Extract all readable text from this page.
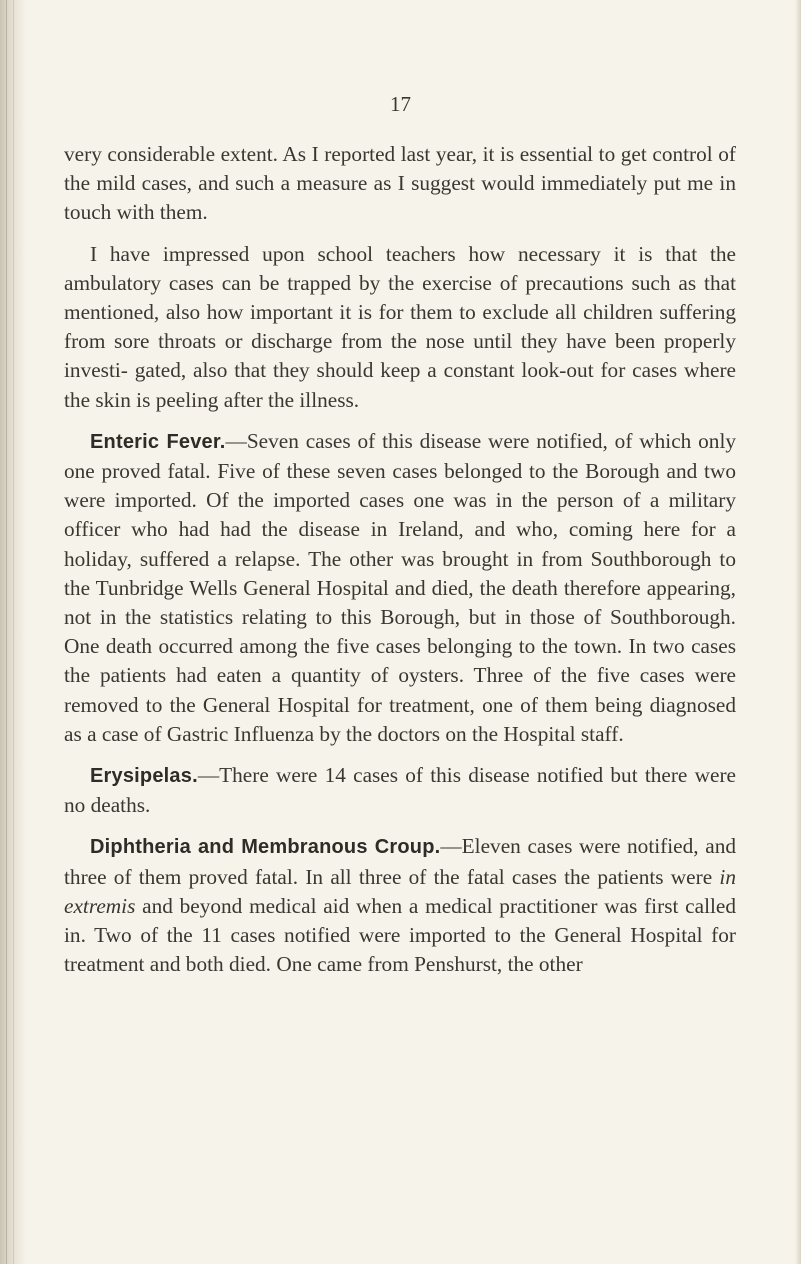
17

very considerable extent. As I reported last year, it is essential to get control of the mild cases, and such a measure as I suggest would immediately put me in touch with them.

I have impressed upon school teachers how necessary it is that the ambulatory cases can be trapped by the exercise of precautions such as that mentioned, also how important it is for them to exclude all children suffering from sore throats or discharge from the nose until they have been properly investi- gated, also that they should keep a constant look-out for cases where the skin is peeling after the illness.

Enteric Fever.—Seven cases of this disease were notified, of which only one proved fatal. Five of these seven cases belonged to the Borough and two were imported. Of the imported cases one was in the person of a military officer who had had the disease in Ireland, and who, coming here for a holiday, suffered a relapse. The other was brought in from Southborough to the Tunbridge Wells General Hospital and died, the death therefore appearing, not in the statistics relating to this Borough, but in those of Southborough. One death occurred among the five cases belonging to the town. In two cases the patients had eaten a quantity of oysters. Three of the five cases were removed to the General Hospital for treatment, one of them being diagnosed as a case of Gastric Influenza by the doctors on the Hospital staff.

Erysipelas.—There were 14 cases of this disease notified but there were no deaths.

Diphtheria and Membranous Croup.—Eleven cases were notified, and three of them proved fatal. In all three of the fatal cases the patients were in extremis and beyond medical aid when a medical practitioner was first called in. Two of the 11 cases notified were imported to the General Hospital for treatment and both died. One came from Penshurst, the other
